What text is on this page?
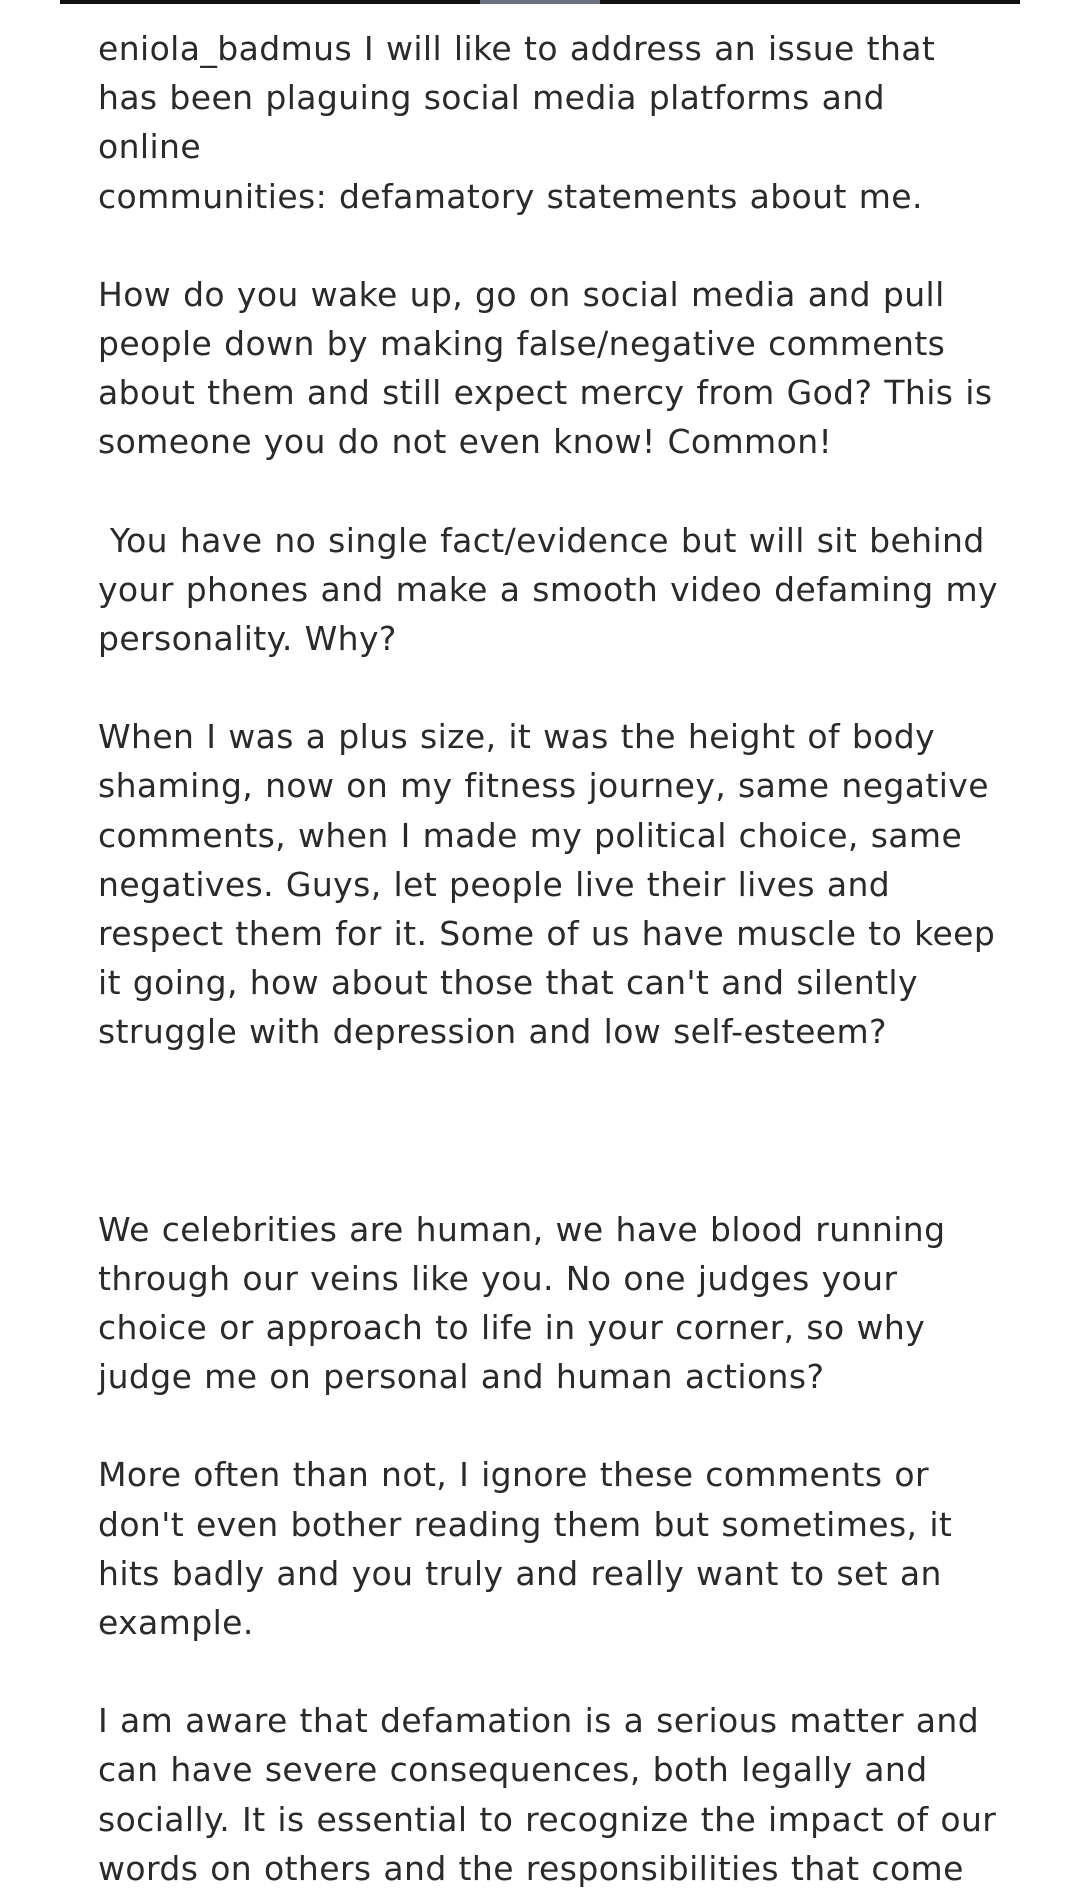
eniola_badmus I will like to address an issue that
has been plaguing social media platforms and online
communities: defamatory statements about me.

How do you wake up, go on social media and pull
people down by making false/negative comments
about them and still expect mercy from God? This is
someone you do not even know! Common!

You have no single fact/evidence but will sit behind
your phones and make a smooth video defaming my
personality. Why?

When I was a plus size, it was the height of body
shaming, now on my fitness journey, same negative
comments, when I made my political choice, same
negatives. Guys, let people live their lives and
respect them for it. Some of us have muscle to keep
it going, how about those that can't and silently
struggle with depression and low self-esteem?

We celebrities are human, we have blood running
through our veins like you. No one judges your
choice or approach to life in your corner, so why
judge me on personal and human actions?

More often than not, I ignore these comments or
don't even bother reading them but sometimes, it
hits badly and you truly and really want to set an
example.

I am aware that defamation is a serious matter and
can have severe consequences, both legally and
socially. It is essential to recognize the impact of our
words on others and the responsibilities that come
